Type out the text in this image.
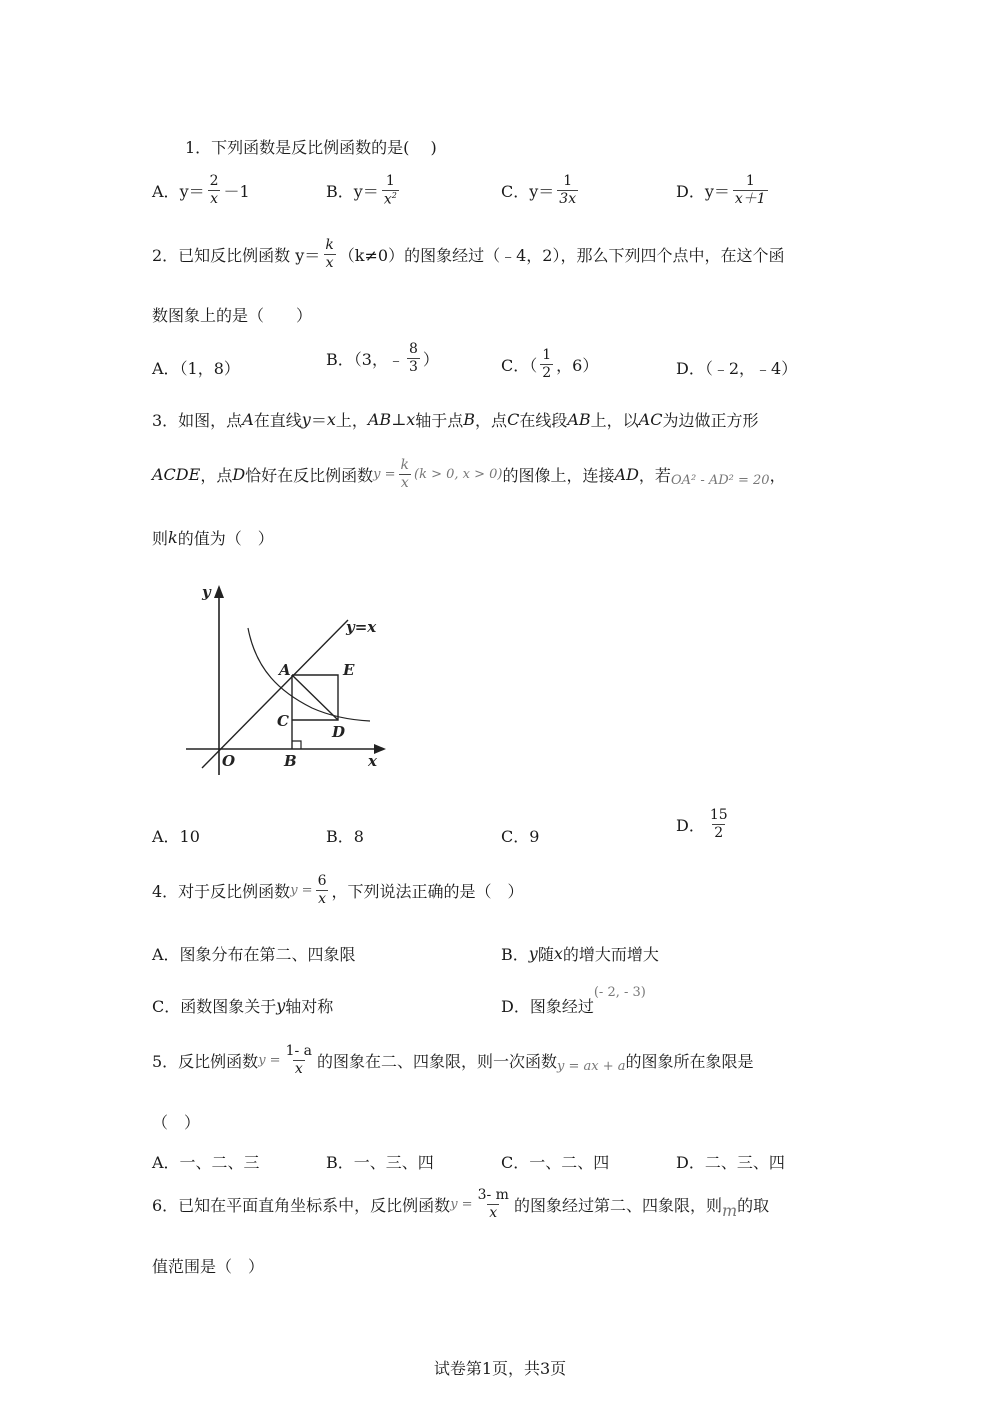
1．下列函数是反比例函数的是(　 )
A． $y= \frac{2}{x} -1$	B． $y= \frac{1}{x^2}$	C． $y= \frac{1}{3x}$	D． $y= \frac{1}{x+1}$
2．已知反比例函数 $y= \frac{k}{x} (k\ne 0)$的图象经过（﹣4，2），那么下列四个点中，在这个函
数图象上的是（　　）
A．（1，8）	B．（3，﹣ $\frac{8}{3}$ ）	C．（ $\frac{1}{2}$ ，6）	D．（﹣2，﹣4）
3．如图，点 A 在直线 y ＝ x 上， AB ⊥ x 轴于点 B ，点 C 在线段 AB 上，以 AC 为边做正方形
ACDE ，点 D 恰好在反比例函数 $y = \frac{k}{x} (k > 0$, x > 0) 的图像上，连接 AD ，若 OA² - AD² = 20 ，
则 k 的值为（　）
y
y=x
A	E
C
D
O	B	x
A．10	B．8	C．9
D． $\frac{15}{2}$
4．对于反比例函数 $y = \frac{6}{x}$ ，下列说法正确的是（　）
A．图象分布在第二、四象限	B． y 随 x 的增大而增大
C．函数图象关于 y 轴对称	D．图象经过
(- 2, - 3)
5．反比例函数 $y = \frac{1- a}{x}$ 的图象在二、四象限，则一次函数 y = ax + a 的图象所在象限是
（　）
A．一、二、三	B．一、三、四	C．一、二、四	D．二、三、四
6．已知在平面直角坐标系中，反比例函数 $y = \frac{3- m}{x}$ 的图象经过第二、四象限，则 m 的取
值范围是（　）
试卷第1页，共3页
